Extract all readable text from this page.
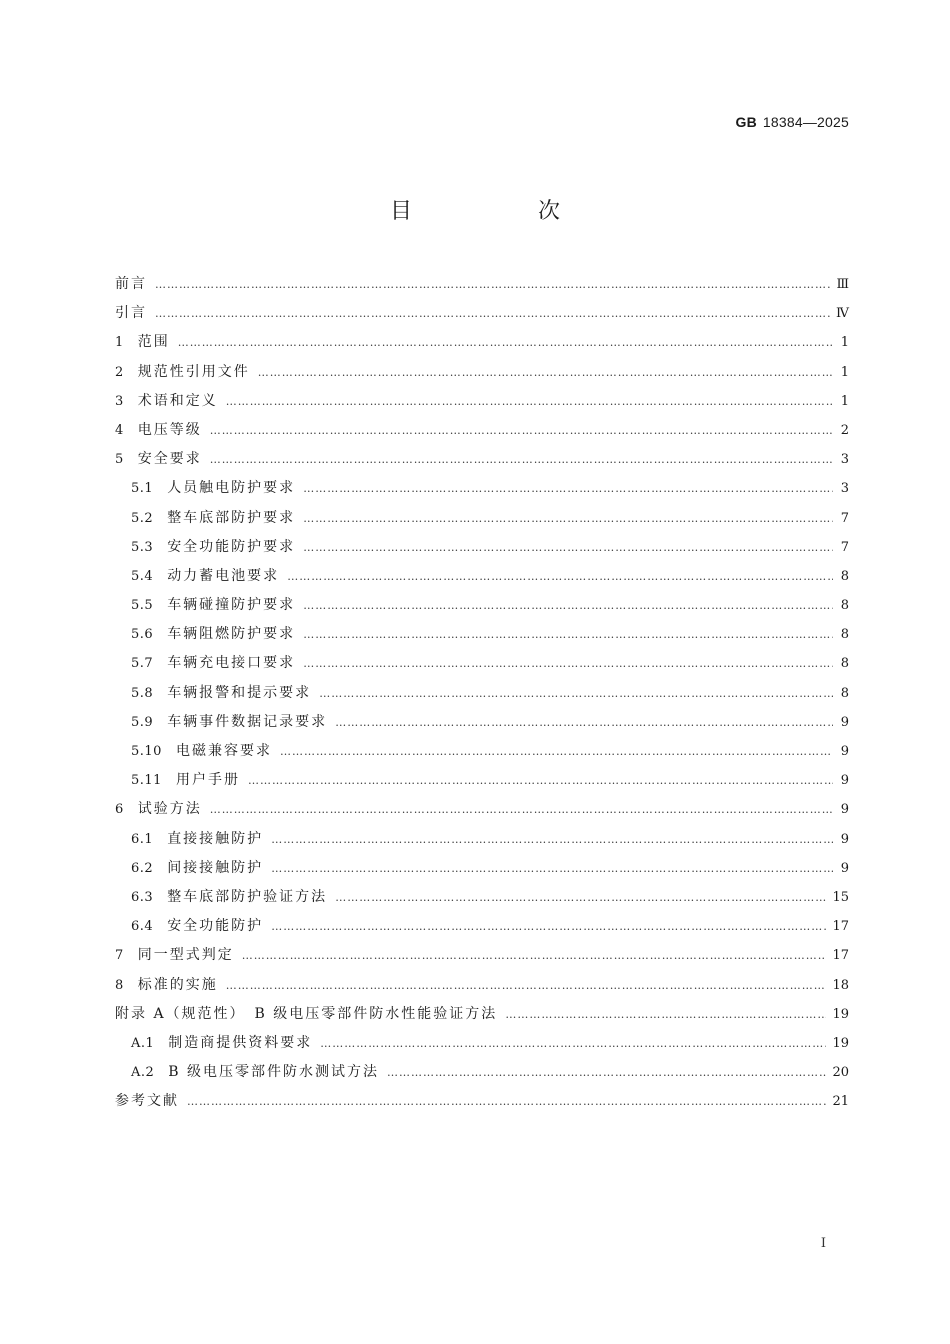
GB 18384—2025
目　次
前言 …………………………………………………………………………………………………………………………………………………………………………………………………………………………………	Ⅲ
引言 …………………………………………………………………………………………………………………………………………………………………………………………………………………………………	Ⅳ
1 范围 …………………………………………………………………………………………………………………………………………………………………………………………………………………………………	1
2 规范性引用文件 …………………………………………………………………………………………………………………………………………………………………………………………………………………………………	1
3 术语和定义 …………………………………………………………………………………………………………………………………………………………………………………………………………………………………	1
4 电压等级 …………………………………………………………………………………………………………………………………………………………………………………………………………………………………	2
5 安全要求 …………………………………………………………………………………………………………………………………………………………………………………………………………………………………	3
5.1 人员触电防护要求 …………………………………………………………………………………………………………………………………………………………………………………………………………………………………	3
5.2 整车底部防护要求 …………………………………………………………………………………………………………………………………………………………………………………………………………………………………	7
5.3 安全功能防护要求 …………………………………………………………………………………………………………………………………………………………………………………………………………………………………	7
5.4 动力蓄电池要求 …………………………………………………………………………………………………………………………………………………………………………………………………………………………………	8
5.5 车辆碰撞防护要求 …………………………………………………………………………………………………………………………………………………………………………………………………………………………………	8
5.6 车辆阻燃防护要求 …………………………………………………………………………………………………………………………………………………………………………………………………………………………………	8
5.7 车辆充电接口要求 …………………………………………………………………………………………………………………………………………………………………………………………………………………………………	8
5.8 车辆报警和提示要求 …………………………………………………………………………………………………………………………………………………………………………………………………………………………………	8
5.9 车辆事件数据记录要求 …………………………………………………………………………………………………………………………………………………………………………………………………………………………………	9
5.10 电磁兼容要求 …………………………………………………………………………………………………………………………………………………………………………………………………………………………………	9
5.11 用户手册 …………………………………………………………………………………………………………………………………………………………………………………………………………………………………	9
6 试验方法 …………………………………………………………………………………………………………………………………………………………………………………………………………………………………	9
6.1 直接接触防护 …………………………………………………………………………………………………………………………………………………………………………………………………………………………………	9
6.2 间接接触防护 …………………………………………………………………………………………………………………………………………………………………………………………………………………………………	9
6.3 整车底部防护验证方法 …………………………………………………………………………………………………………………………………………………………………………………………………………………………………	15
6.4 安全功能防护 …………………………………………………………………………………………………………………………………………………………………………………………………………………………………	17
7 同一型式判定 …………………………………………………………………………………………………………………………………………………………………………………………………………………………………	17
8 标准的实施 …………………………………………………………………………………………………………………………………………………………………………………………………………………………………	18
附录 A（规范性）　B 级电压零部件防水性能验证方法 …………………………………………………………………………………………………………………………………………………………………………………………………………………………………	19
A.1 制造商提供资料要求 …………………………………………………………………………………………………………………………………………………………………………………………………………………………………	19
A.2 B 级电压零部件防水测试方法 …………………………………………………………………………………………………………………………………………………………………………………………………………………………………	20
参考文献 …………………………………………………………………………………………………………………………………………………………………………………………………………………………………	21
Ⅰ
